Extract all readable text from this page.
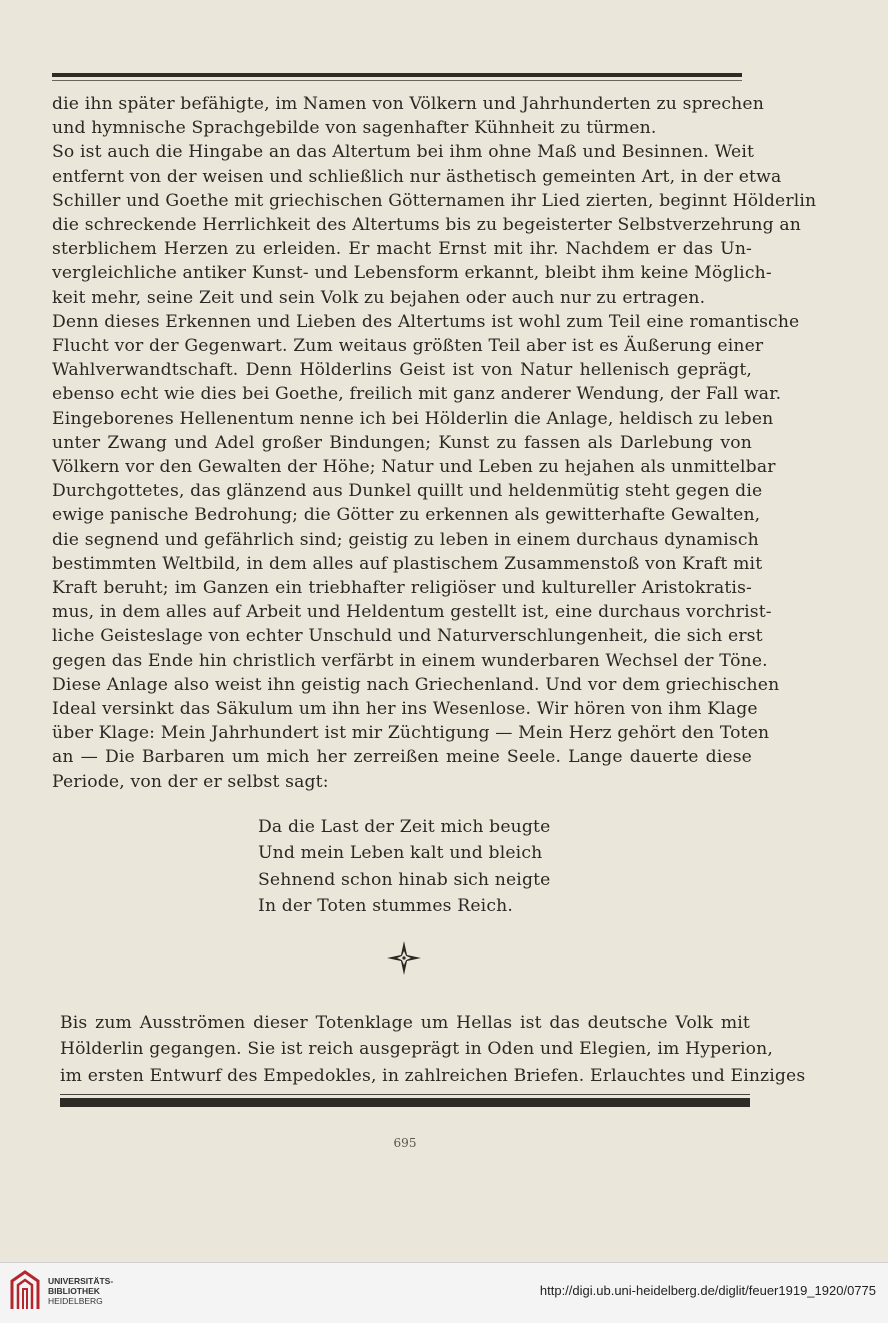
die ihn später befähigte, im Namen von Völkern und Jahrhunderten zu sprechen
und hymnische Sprachgebilde von sagenhafter Kühnheit zu türmen.

So ist auch die Hingabe an das Altertum bei ihm ohne Maß und Besinnen. Weit
entfernt von der weisen und schließlich nur ästhetisch gemeinten Art, in der etwa
Schiller und Goethe mit griechischen Götternamen ihr Lied zierten, beginnt Hölderlin
die schreckende Herrlichkeit des Altertums bis zu begeisterter Selbstverzehrung an
sterblichem Herzen zu erleiden. Er macht Ernst mit ihr. Nachdem er das Un-
vergleichliche antiker Kunst- und Lebensform erkannt, bleibt ihm keine Möglich-
keit mehr, seine Zeit und sein Volk zu bejahen oder auch nur zu ertragen.

Denn dieses Erkennen und Lieben des Altertums ist wohl zum Teil eine romantische
Flucht vor der Gegenwart. Zum weitaus größten Teil aber ist es Äußerung einer
Wahlverwandtschaft. Denn Hölderlins Geist ist von Natur hellenisch geprägt,
ebenso echt wie dies bei Goethe, freilich mit ganz anderer Wendung, der Fall war.
Eingeborenes Hellenentum nenne ich bei Hölderlin die Anlage, heldisch zu leben
unter Zwang und Adel großer Bindungen; Kunst zu fassen als Darlebung von
Völkern vor den Gewalten der Höhe; Natur und Leben zu hejahen als unmittelbar
Durchgottetes, das glänzend aus Dunkel quillt und heldenmütig steht gegen die
ewige panische Bedrohung; die Götter zu erkennen als gewitterhafte Gewalten,
die segnend und gefährlich sind; geistig zu leben in einem durchaus dynamisch
bestimmten Weltbild, in dem alles auf plastischem Zusammenstoß von Kraft mit
Kraft beruht; im Ganzen ein triebhafter religiöser und kultureller Aristokratis-
mus, in dem alles auf Arbeit und Heldentum gestellt ist, eine durchaus vorchrist-
liche Geisteslage von echter Unschuld und Naturverschlungenheit, die sich erst
gegen das Ende hin christlich verfärbt in einem wunderbaren Wechsel der Töne.

Diese Anlage also weist ihn geistig nach Griechenland. Und vor dem griechischen
Ideal versinkt das Säkulum um ihn her ins Wesenlose. Wir hören von ihm Klage
über Klage: Mein Jahrhundert ist mir Züchtigung — Mein Herz gehört den Toten
an — Die Barbaren um mich her zerreißen meine Seele. Lange dauerte diese
Periode, von der er selbst sagt:

Da die Last der Zeit mich beugte
Und mein Leben kalt und bleich
Sehnend schon hinab sich neigte
In der Toten stummes Reich.
Bis zum Ausströmen dieser Totenklage um Hellas ist das deutsche Volk mit
Hölderlin gegangen. Sie ist reich ausgeprägt in Oden und Elegien, im Hyperion,
im ersten Entwurf des Empedokles, in zahlreichen Briefen. Erlauchtes und Einziges
695
UNIVERSITÄTS-
BIBLIOTHEK
HEIDELBERG
http://digi.ub.uni-heidelberg.de/diglit/feuer1919_1920/0775
